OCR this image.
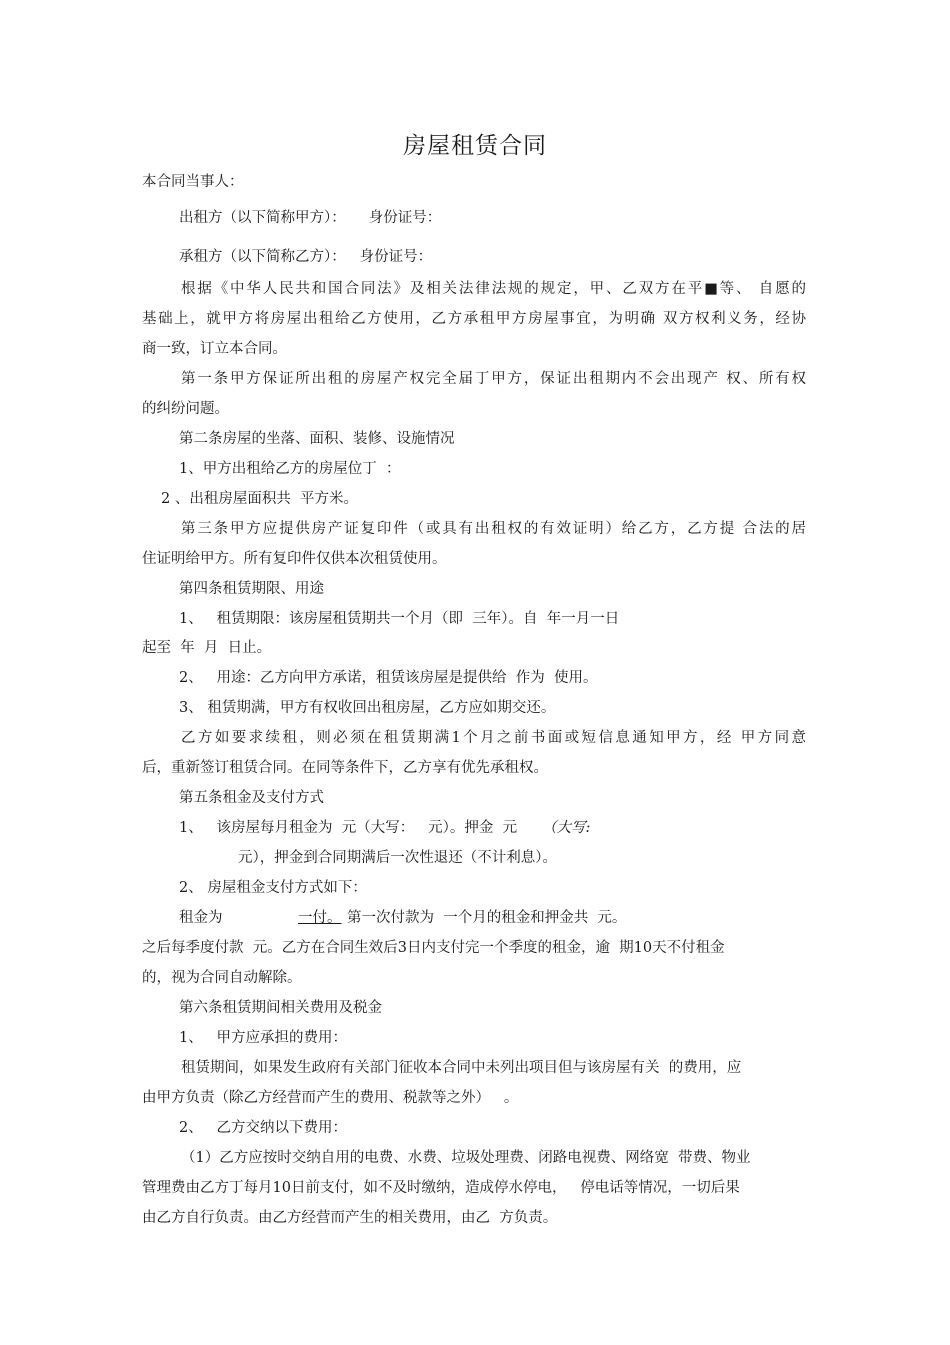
房屋租赁合同
本合同当事人：
出租方（以下简称甲方）：     身份证号：
承租方（以下简称乙方）：   身份证号：
根据《中华人民共和国合同法》及相关法律法规的规定，甲、乙双方在平■等、 自愿的
基础上，就甲方将房屋出租给乙方使用，乙方承租甲方房屋事宜，为明确 双方权利义务，经协
商一致，订立本合同。
第一条甲方保证所出租的房屋产权完全届丁甲方，保证出租期内不会出现产 权、所有权
的纠纷问题。
第二条房屋的坐落、面积、装修、设施情况
1、甲方出租给乙方的房屋位丁  ：
2 、出租房屋面积共  平方米。
第三条甲方应提供房产证复印件（或具有出租权的有效证明）给乙方，乙方提 合法的居
住证明给甲方。所有复印件仅供本次租赁使用。
第四条租赁期限、用途
1、   租赁期限：该房屋租赁期共一个月（即  三年）。自  年一月一日
起至  年  月  日止。
2、   用途：乙方向甲方承诺，租赁该房屋是提供给  作为  使用。
3、 租赁期满，甲方有权收回出租房屋，乙方应如期交还。
乙方如要求续租，则必须在租赁期满1个月之前书面或短信息通知甲方，经 甲方同意
后，重新签订租赁合同。在同等条件下，乙方享有优先承租权。
第五条租金及支付方式
1、   该房屋每月租金为  元（大写：   元）。押金  元 （大写:
元），押金到合同期满后一次性退还（不计利息）。
2、 房屋租金支付方式如下：
租金为	一付。 第一次付款为  一个月的租金和押金共  元。
之后每季度付款  元。乙方在合同生效后3日内支付完一个季度的租金，逾  期10天不付租金
的，视为合同自动解除。
第六条租赁期间相关费用及税金
1、   甲方应承担的费用：
租赁期间，如果发生政府有关部门征收本合同中未列出项目但与该房屋有关  的费用，应
由甲方负责（除乙方经营而产生的费用、税款等之外）   。
2、   乙方交纳以下费用：
（1）乙方应按时交纳自用的电费、水费、垃圾处理费、闭路电视费、网络宽  带费、物业
管理费由乙方丁每月10日前支付，如不及时缴纳，造成停水停电，   停电话等情况，一切后果
由乙方自行负责。由乙方经营而产生的相关费用，由乙  方负责。
